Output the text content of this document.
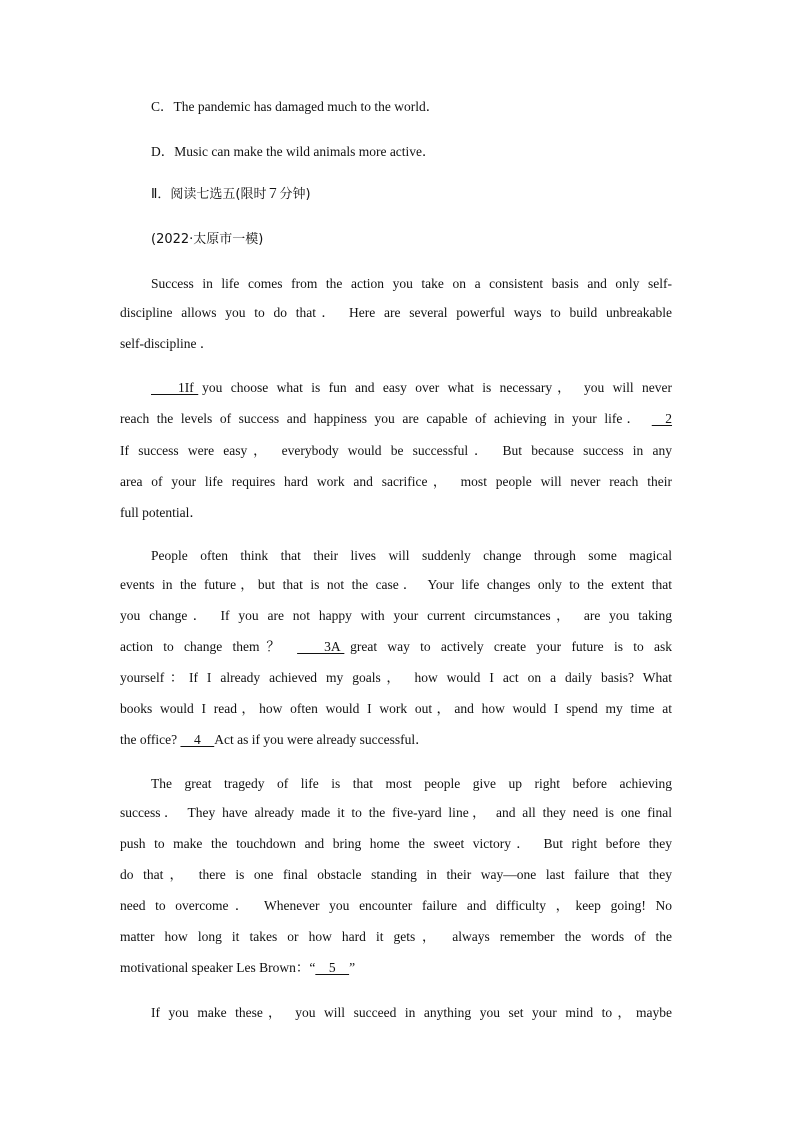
C．The pandemic has damaged much to the world．
D．Music can make the wild animals more active．
Ⅱ．阅读七选五(限时７分钟)
(2022·太原市一模)
Success in life comes from the action you take on a consistent basis and only self-
discipline allows you to do that． Here are several powerful ways to build unbreakable
self-discipline ．
　1　If you choose what is fun and easy over what is necessary， you will never
reach the levels of success and happiness you are capable of achieving in your life． 　2
If success were easy， everybody would be successful． But because success in any
area of your life requires hard work and sacrifice， most people will never reach their
full potential．
People often think that their lives will suddenly change through some magical
events in the future，but that is not the case． Your life changes only to the extent that
you change． If you are not happy with your current circumstances， are you taking
action to change them？ 　3　A great way to actively create your future is to ask
yourself：If I already achieved my goals， how would I act on a daily basis? What
books would I read，how often would I work out，and how would I spend my time at
the office? 　4　Act as if you were already successful．
The great tragedy of life is that most people give up right before achieving
success． They have already made it to the five-yard line， and all they need is one final
push to make the touchdown and bring home the sweet victory． But right before they
do that， there is one final obstacle standing in their way—one last failure that they
need to overcome． Whenever you encounter failure and difficulty ，keep going! No
matter how long it takes or how hard it gets， always remember the words of the
motivational speaker Les Brown：“　5　”
If you make these， you will succeed in anything you set your mind to，maybe
